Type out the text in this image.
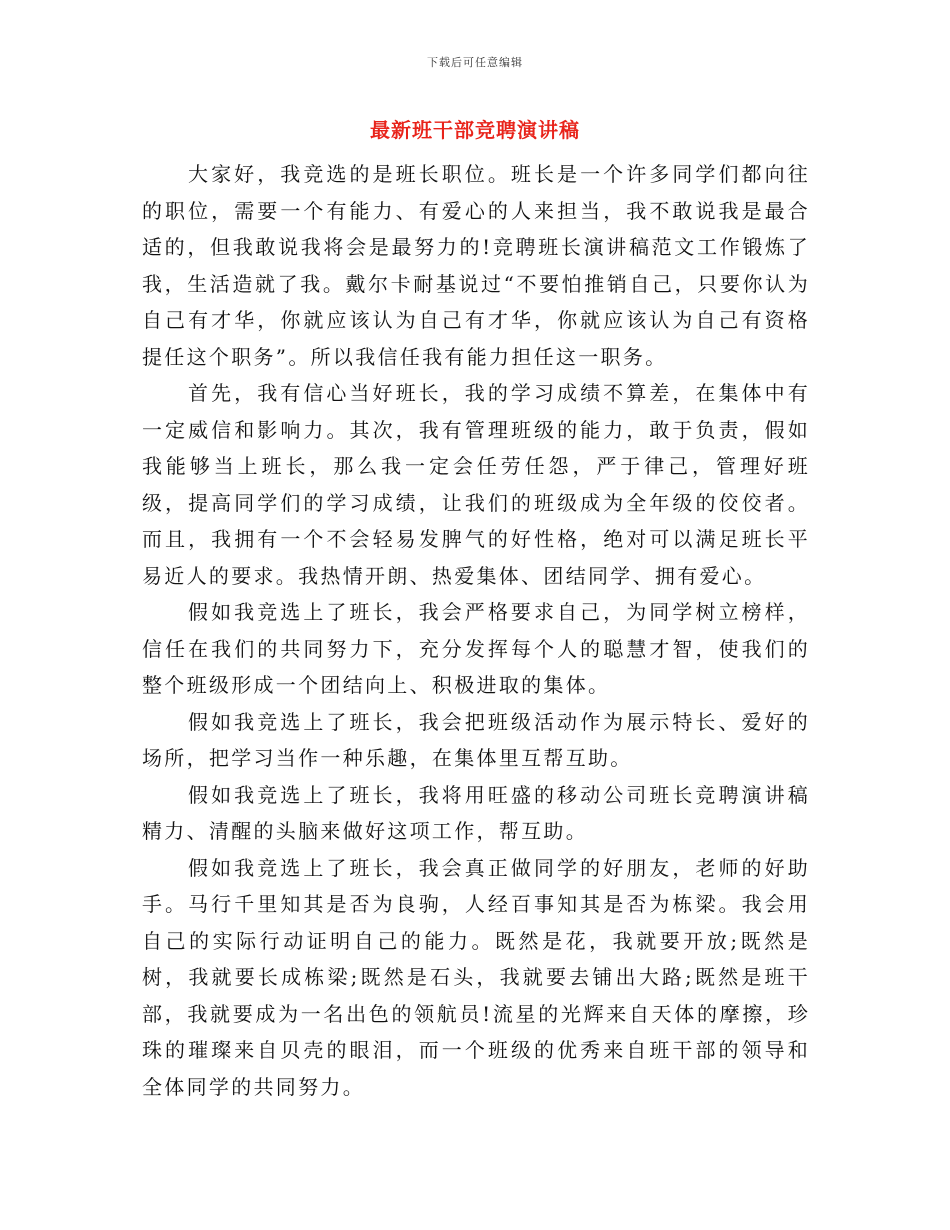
下载后可任意编辑
最新班干部竞聘演讲稿

大家好，我竞选的是班长职位。班长是一个许多同学们都向往的职位，需要一个有能力、有爱心的人来担当，我不敢说我是最合适的，但我敢说我将会是最努力的!竞聘班长演讲稿范文工作锻炼了我，生活造就了我。戴尔卡耐基说过“不要怕推销自己，只要你认为自己有才华，你就应该认为自己有才华，你就应该认为自己有资格提任这个职务”。所以我信任我有能力担任这一职务。

首先，我有信心当好班长，我的学习成绩不算差，在集体中有一定威信和影响力。其次，我有管理班级的能力，敢于负责，假如我能够当上班长，那么我一定会任劳任怨，严于律己，管理好班级，提高同学们的学习成绩，让我们的班级成为全年级的佼佼者。而且，我拥有一个不会轻易发脾气的好性格，绝对可以满足班长平易近人的要求。我热情开朗、热爱集体、团结同学、拥有爱心。

假如我竞选上了班长，我会严格要求自己，为同学树立榜样，信任在我们的共同努力下，充分发挥每个人的聪慧才智，使我们的整个班级形成一个团结向上、积极进取的集体。

假如我竞选上了班长，我会把班级活动作为展示特长、爱好的场所，把学习当作一种乐趣，在集体里互帮互助。

假如我竞选上了班长，我将用旺盛的移动公司班长竞聘演讲稿精力、清醒的头脑来做好这项工作，帮互助。

假如我竞选上了班长，我会真正做同学的好朋友，老师的好助手。马行千里知其是否为良驹，人经百事知其是否为栋梁。我会用自己的实际行动证明自己的能力。既然是花，我就要开放;既然是树，我就要长成栋梁;既然是石头，我就要去铺出大路;既然是班干部，我就要成为一名出色的领航员!流星的光辉来自天体的摩擦，珍珠的璀璨来自贝壳的眼泪，而一个班级的优秀来自班干部的领导和全体同学的共同努力。
